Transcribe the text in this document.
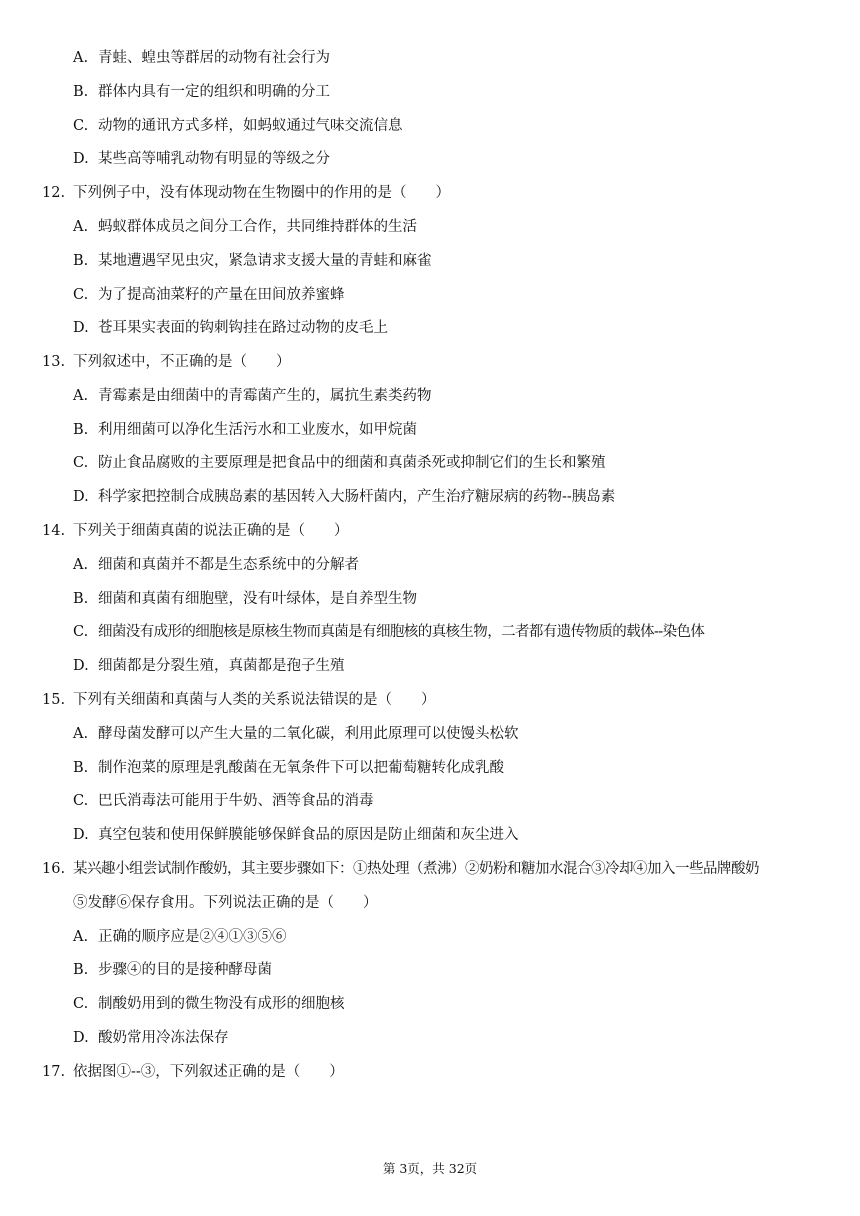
A. 青蛙、蝗虫等群居的动物有社会行为
B. 群体内具有一定的组织和明确的分工
C. 动物的通讯方式多样，如蚂蚁通过气味交流信息
D. 某些高等哺乳动物有明显的等级之分
12. 下列例子中，没有体现动物在生物圈中的作用的是（　　）
A. 蚂蚁群体成员之间分工合作，共同维持群体的生活
B. 某地遭遇罕见虫灾，紧急请求支援大量的青蛙和麻雀
C. 为了提高油菜籽的产量在田间放养蜜蜂
D. 苍耳果实表面的钩刺钩挂在路过动物的皮毛上
13. 下列叙述中，不正确的是（　　）
A. 青霉素是由细菌中的青霉菌产生的，属抗生素类药物
B. 利用细菌可以净化生活污水和工业废水，如甲烷菌
C. 防止食品腐败的主要原理是把食品中的细菌和真菌杀死或抑制它们的生长和繁殖
D. 科学家把控制合成胰岛素的基因转入大肠杆菌内，产生治疗糖尿病的药物--胰岛素
14. 下列关于细菌真菌的说法正确的是（　　）
A. 细菌和真菌并不都是生态系统中的分解者
B. 细菌和真菌有细胞壁，没有叶绿体，是自养型生物
C. 细菌没有成形的细胞核是原核生物而真菌是有细胞核的真核生物，二者都有遗传物质的载体--染色体
D. 细菌都是分裂生殖，真菌都是孢子生殖
15. 下列有关细菌和真菌与人类的关系说法错误的是（　　）
A. 酵母菌发酵可以产生大量的二氧化碳，利用此原理可以使馒头松软
B. 制作泡菜的原理是乳酸菌在无氧条件下可以把葡萄糖转化成乳酸
C. 巴氏消毒法可能用于牛奶、酒等食品的消毒
D. 真空包装和使用保鲜膜能够保鲜食品的原因是防止细菌和灰尘进入
16. 某兴趣小组尝试制作酸奶，其主要步骤如下：①热处理（煮沸）②奶粉和糖加水混合③冷却④加入一些品牌酸奶
⑤发酵⑥保存食用。下列说法正确的是（　　）
A. 正确的顺序应是②④①③⑤⑥
B. 步骤④的目的是接种酵母菌
C. 制酸奶用到的微生物没有成形的细胞核
D. 酸奶常用冷冻法保存
17. 依据图①--③，下列叙述正确的是（　　）
第 3页，共 32页
